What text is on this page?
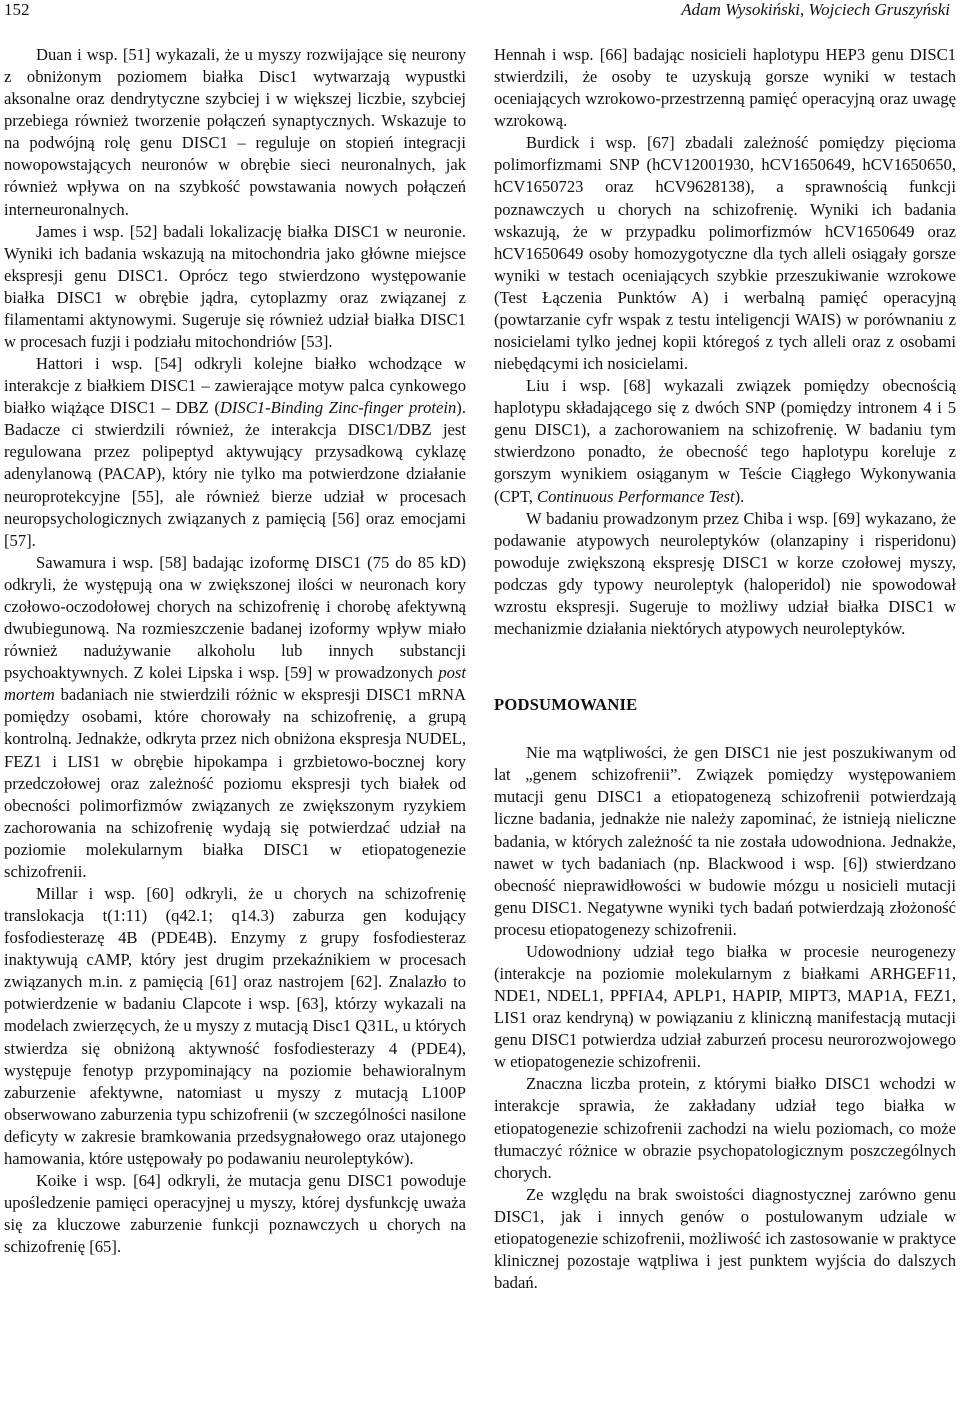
152	Adam Wysokiński, Wojciech Gruszyński

Duan i wsp. [51] wykazali, że u myszy rozwijające się neurony z obniżonym poziomem białka Disc1 wytwarzają wypustki aksonalne oraz dendrytyczne szybciej i w większej liczbie, szybciej przebiega również tworzenie połączeń synaptycznych. Wskazuje to na podwójną rolę genu DISC1 – reguluje on stopień integracji nowopowstających neuronów w obrębie sieci neuronalnych, jak również wpływa on na szybkość powstawania nowych połączeń interneuronalnych.

James i wsp. [52] badali lokalizację białka DISC1 w neuronie. Wyniki ich badania wskazują na mitochondria jako główne miejsce ekspresji genu DISC1. Oprócz tego stwierdzono występowanie białka DISC1 w obrębie jądra, cytoplazmy oraz związanej z filamentami aktynowymi. Sugeruje się również udział białka DISC1 w procesach fuzji i podziału mitochondriów [53].

Hattori i wsp. [54] odkryli kolejne białko wchodzące w interakcje z białkiem DISC1 – zawierające motyw palca cynkowego białko wiążące DISC1 – DBZ (DISC1-Binding Zinc-finger protein). Badacze ci stwierdzili również, że interakcja DISC1/DBZ jest regulowana przez polipeptyd aktywujący przysadkową cyklazę adenylanową (PACAP), który nie tylko ma potwierdzone działanie neuroprotekcyjne [55], ale również bierze udział w procesach neuropsychologicznych związanych z pamięcią [56] oraz emocjami [57].

Sawamura i wsp. [58] badając izoformę DISC1 (75 do 85 kD) odkryli, że występują ona w zwiększonej ilości w neuronach kory czołowo-oczodołowej chorych na schizofrenię i chorobę afektywną dwubiegunową. Na rozmieszczenie badanej izoformy wpływ miało również nadużywanie alkoholu lub innych substancji psychoaktywnych. Z kolei Lipska i wsp. [59] w prowadzonych post mortem badaniach nie stwierdzili różnic w ekspresji DISC1 mRNA pomiędzy osobami, które chorowały na schizofrenię, a grupą kontrolną. Jednakże, odkryta przez nich obniżona ekspresja NUDEL, FEZ1 i LIS1 w obrębie hipokampa i grzbietowo-bocznej kory przedczołowej oraz zależność poziomu ekspresji tych białek od obecności polimorfizmów związanych ze zwiększonym ryzykiem zachorowania na schizofrenię wydają się potwierdzać udział na poziomie molekularnym białka DISC1 w etiopatogenezie schizofrenii.

Millar i wsp. [60] odkryli, że u chorych na schizofrenię translokacja t(1:11) (q42.1; q14.3) zaburza gen kodujący fosfodiesterazę 4B (PDE4B). Enzymy z grupy fosfodiesteraz inaktywują cAMP, który jest drugim przekaźnikiem w procesach związanych m.in. z pamięcią [61] oraz nastrojem [62]. Znalazło to potwierdzenie w badaniu Clapcote i wsp. [63], którzy wykazali na modelach zwierzęcych, że u myszy z mutacją Disc1 Q31L, u których stwierdza się obniżoną aktywność fosfodiesterazy 4 (PDE4), występuje fenotyp przypominający na poziomie behawioralnym zaburzenie afektywne, natomiast u myszy z mutacją L100P obserwowano zaburzenia typu schizofrenii (w szczególności nasilone deficyty w zakresie bramkowania przedsygnałowego oraz utajonego hamowania, które ustępowały po podawaniu neuroleptyków).

Koike i wsp. [64] odkryli, że mutacja genu DISC1 powoduje upośledzenie pamięci operacyjnej u myszy, której dysfunkcję uważa się za kluczowe zaburzenie funkcji poznawczych u chorych na schizofrenię [65].

Hennah i wsp. [66] badając nosicieli haplotypu HEP3 genu DISC1 stwierdzili, że osoby te uzyskują gorsze wyniki w testach oceniających wzrokowo-przestrzenną pamięć operacyjną oraz uwagę wzrokową.

Burdick i wsp. [67] zbadali zależność pomiędzy pięcioma polimorfizmami SNP (hCV12001930, hCV1650649, hCV1650650, hCV1650723 oraz hCV9628138), a sprawnością funkcji poznawczych u chorych na schizofrenię. Wyniki ich badania wskazują, że w przypadku polimorfizmów hCV1650649 oraz hCV1650649 osoby homozygotyczne dla tych alleli osiągały gorsze wyniki w testach oceniających szybkie przeszukiwanie wzrokowe (Test Łączenia Punktów A) i werbalną pamięć operacyjną (powtarzanie cyfr wspak z testu inteligencji WAIS) w porównaniu z nosicielami tylko jednej kopii któregoś z tych alleli oraz z osobami niebędącymi ich nosicielami.

Liu i wsp. [68] wykazali związek pomiędzy obecnością haplotypu składającego się z dwóch SNP (pomiędzy intronem 4 i 5 genu DISC1), a zachorowaniem na schizofrenię. W badaniu tym stwierdzono ponadto, że obecność tego haplotypu koreluje z gorszym wynikiem osiąganym w Teście Ciągłego Wykonywania (CPT, Continuous Performance Test).

W badaniu prowadzonym przez Chiba i wsp. [69] wykazano, że podawanie atypowych neuroleptyków (olanzapiny i risperidonu) powoduje zwiększoną ekspresję DISC1 w korze czołowej myszy, podczas gdy typowy neuroleptyk (haloperidol) nie spowodował wzrostu ekspresji. Sugeruje to możliwy udział białka DISC1 w mechanizmie działania niektórych atypowych neuroleptyków.

PODSUMOWANIE

Nie ma wątpliwości, że gen DISC1 nie jest poszukiwanym od lat „genem schizofrenii”. Związek pomiędzy występowaniem mutacji genu DISC1 a etiopatogenezą schizofrenii potwierdzają liczne badania, jednakże nie należy zapominać, że istnieją nieliczne badania, w których zależność ta nie została udowodniona. Jednakże, nawet w tych badaniach (np. Blackwood i wsp. [6]) stwierdzano obecność nieprawidłowości w budowie mózgu u nosicieli mutacji genu DISC1. Negatywne wyniki tych badań potwierdzają złożoność procesu etiopatogenezy schizofrenii.

Udowodniony udział tego białka w procesie neurogenezy (interakcje na poziomie molekularnym z białkami ARHGEF11, NDE1, NDEL1, PPFIA4, APLP1, HAPIP, MIPT3, MAP1A, FEZ1, LIS1 oraz kendryną) w powiązaniu z kliniczną manifestacją mutacji genu DISC1 potwierdza udział zaburzeń procesu neurorozwojowego w etiopatogenezie schizofrenii.

Znaczna liczba protein, z którymi białko DISC1 wchodzi w interakcje sprawia, że zakładany udział tego białka w etiopatogenezie schizofrenii zachodzi na wielu poziomach, co może tłumaczyć różnice w obrazie psychopatologicznym poszczególnych chorych.

Ze względu na brak swoistości diagnostycznej zarówno genu DISC1, jak i innych genów o postulowanym udziale w etiopatogenezie schizofrenii, możliwość ich zastosowanie w praktyce klinicznej pozostaje wątpliwa i jest punktem wyjścia do dalszych badań.
